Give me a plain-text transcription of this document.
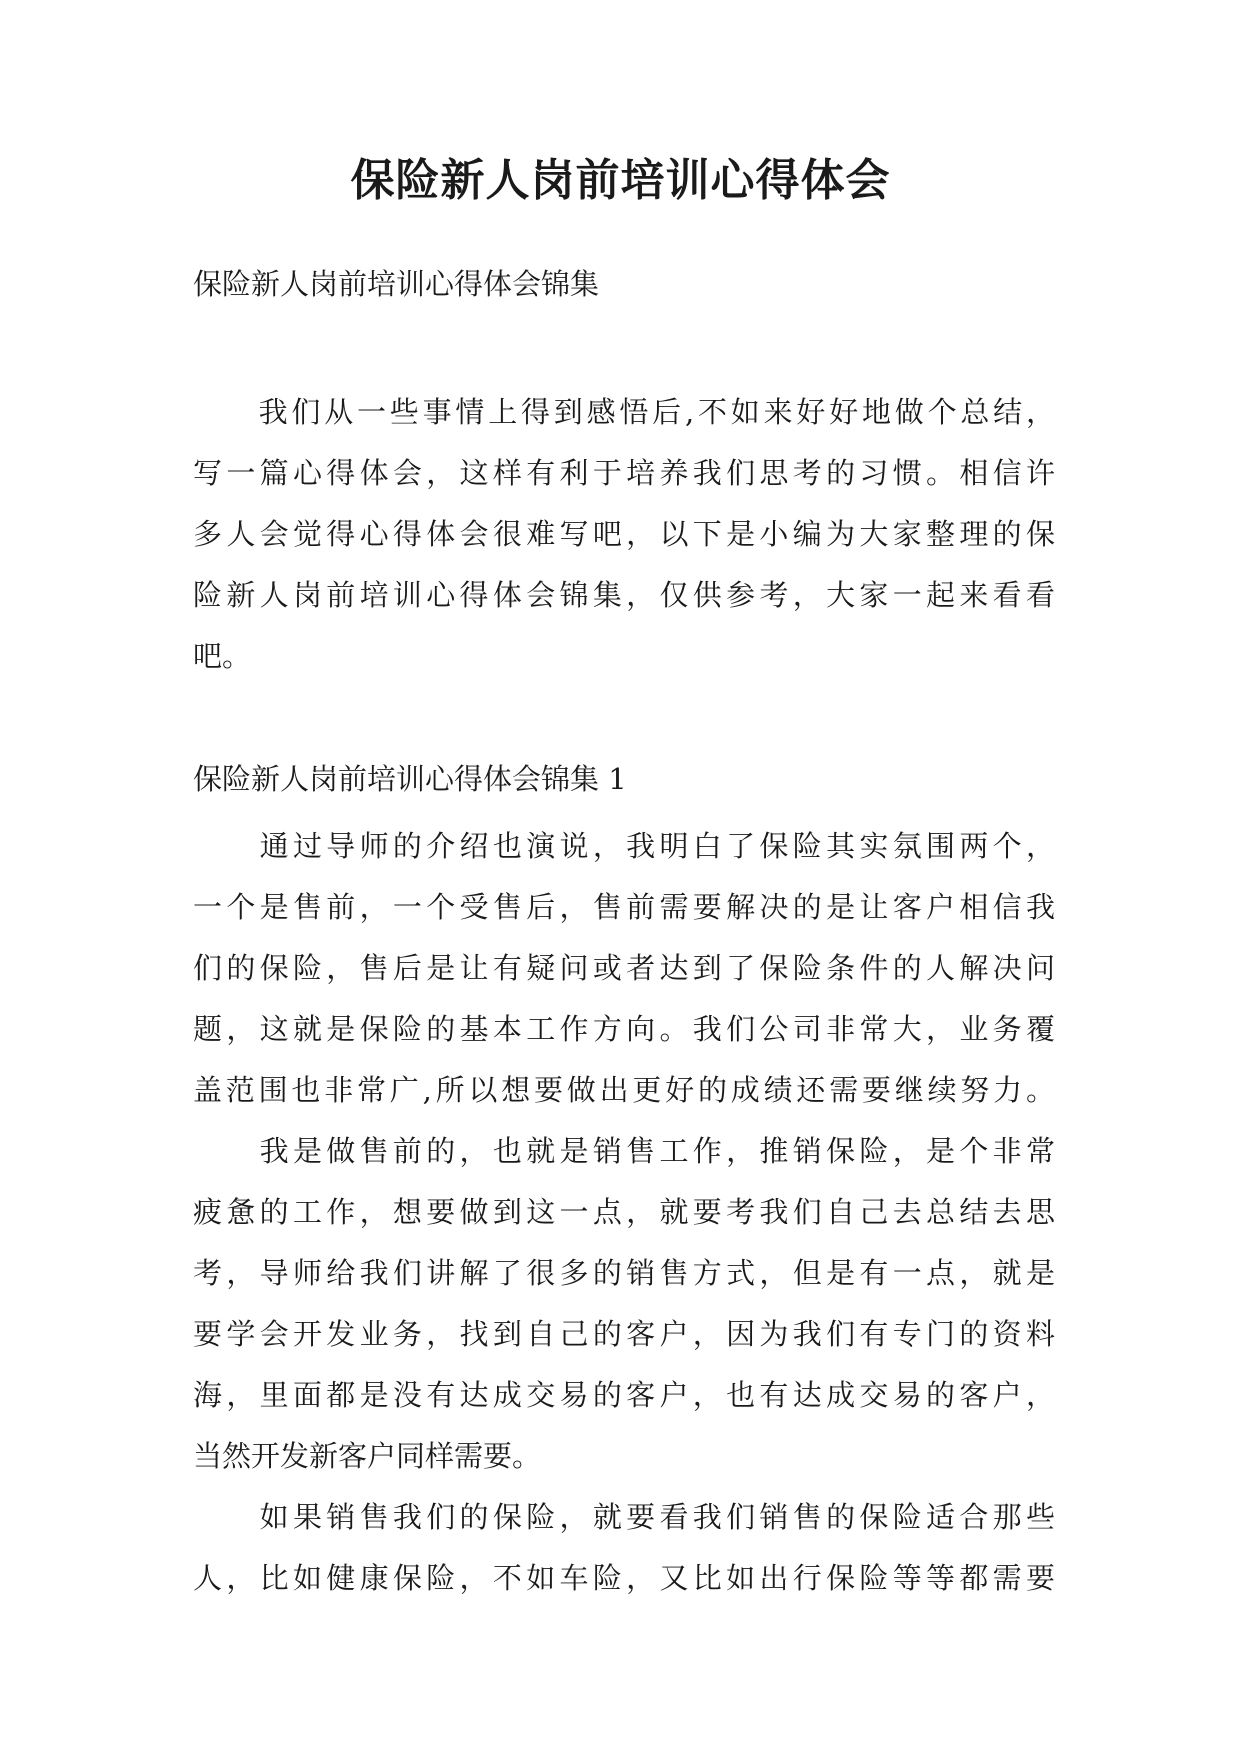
保险新人岗前培训心得体会
保险新人岗前培训心得体会锦集
　　我们从一些事情上得到感悟后,不如来好好地做个总结，
写一篇心得体会，这样有利于培养我们思考的习惯。相信许
多人会觉得心得体会很难写吧，以下是小编为大家整理的保
险新人岗前培训心得体会锦集，仅供参考，大家一起来看看
吧。
保险新人岗前培训心得体会锦集 1

　　通过导师的介绍也演说，我明白了保险其实氛围两个，
一个是售前，一个受售后，售前需要解决的是让客户相信我
们的保险，售后是让有疑问或者达到了保险条件的人解决问
题，这就是保险的基本工作方向。我们公司非常大，业务覆
盖范围也非常广,所以想要做出更好的成绩还需要继续努力。

　　我是做售前的，也就是销售工作，推销保险，是个非常
疲惫的工作，想要做到这一点，就要考我们自己去总结去思
考，导师给我们讲解了很多的销售方式，但是有一点，就是
要学会开发业务，找到自己的客户，因为我们有专门的资料
海，里面都是没有达成交易的客户，也有达成交易的客户，
当然开发新客户同样需要。

　　如果销售我们的保险，就要看我们销售的保险适合那些
人，比如健康保险，不如车险，又比如出行保险等等都需要
